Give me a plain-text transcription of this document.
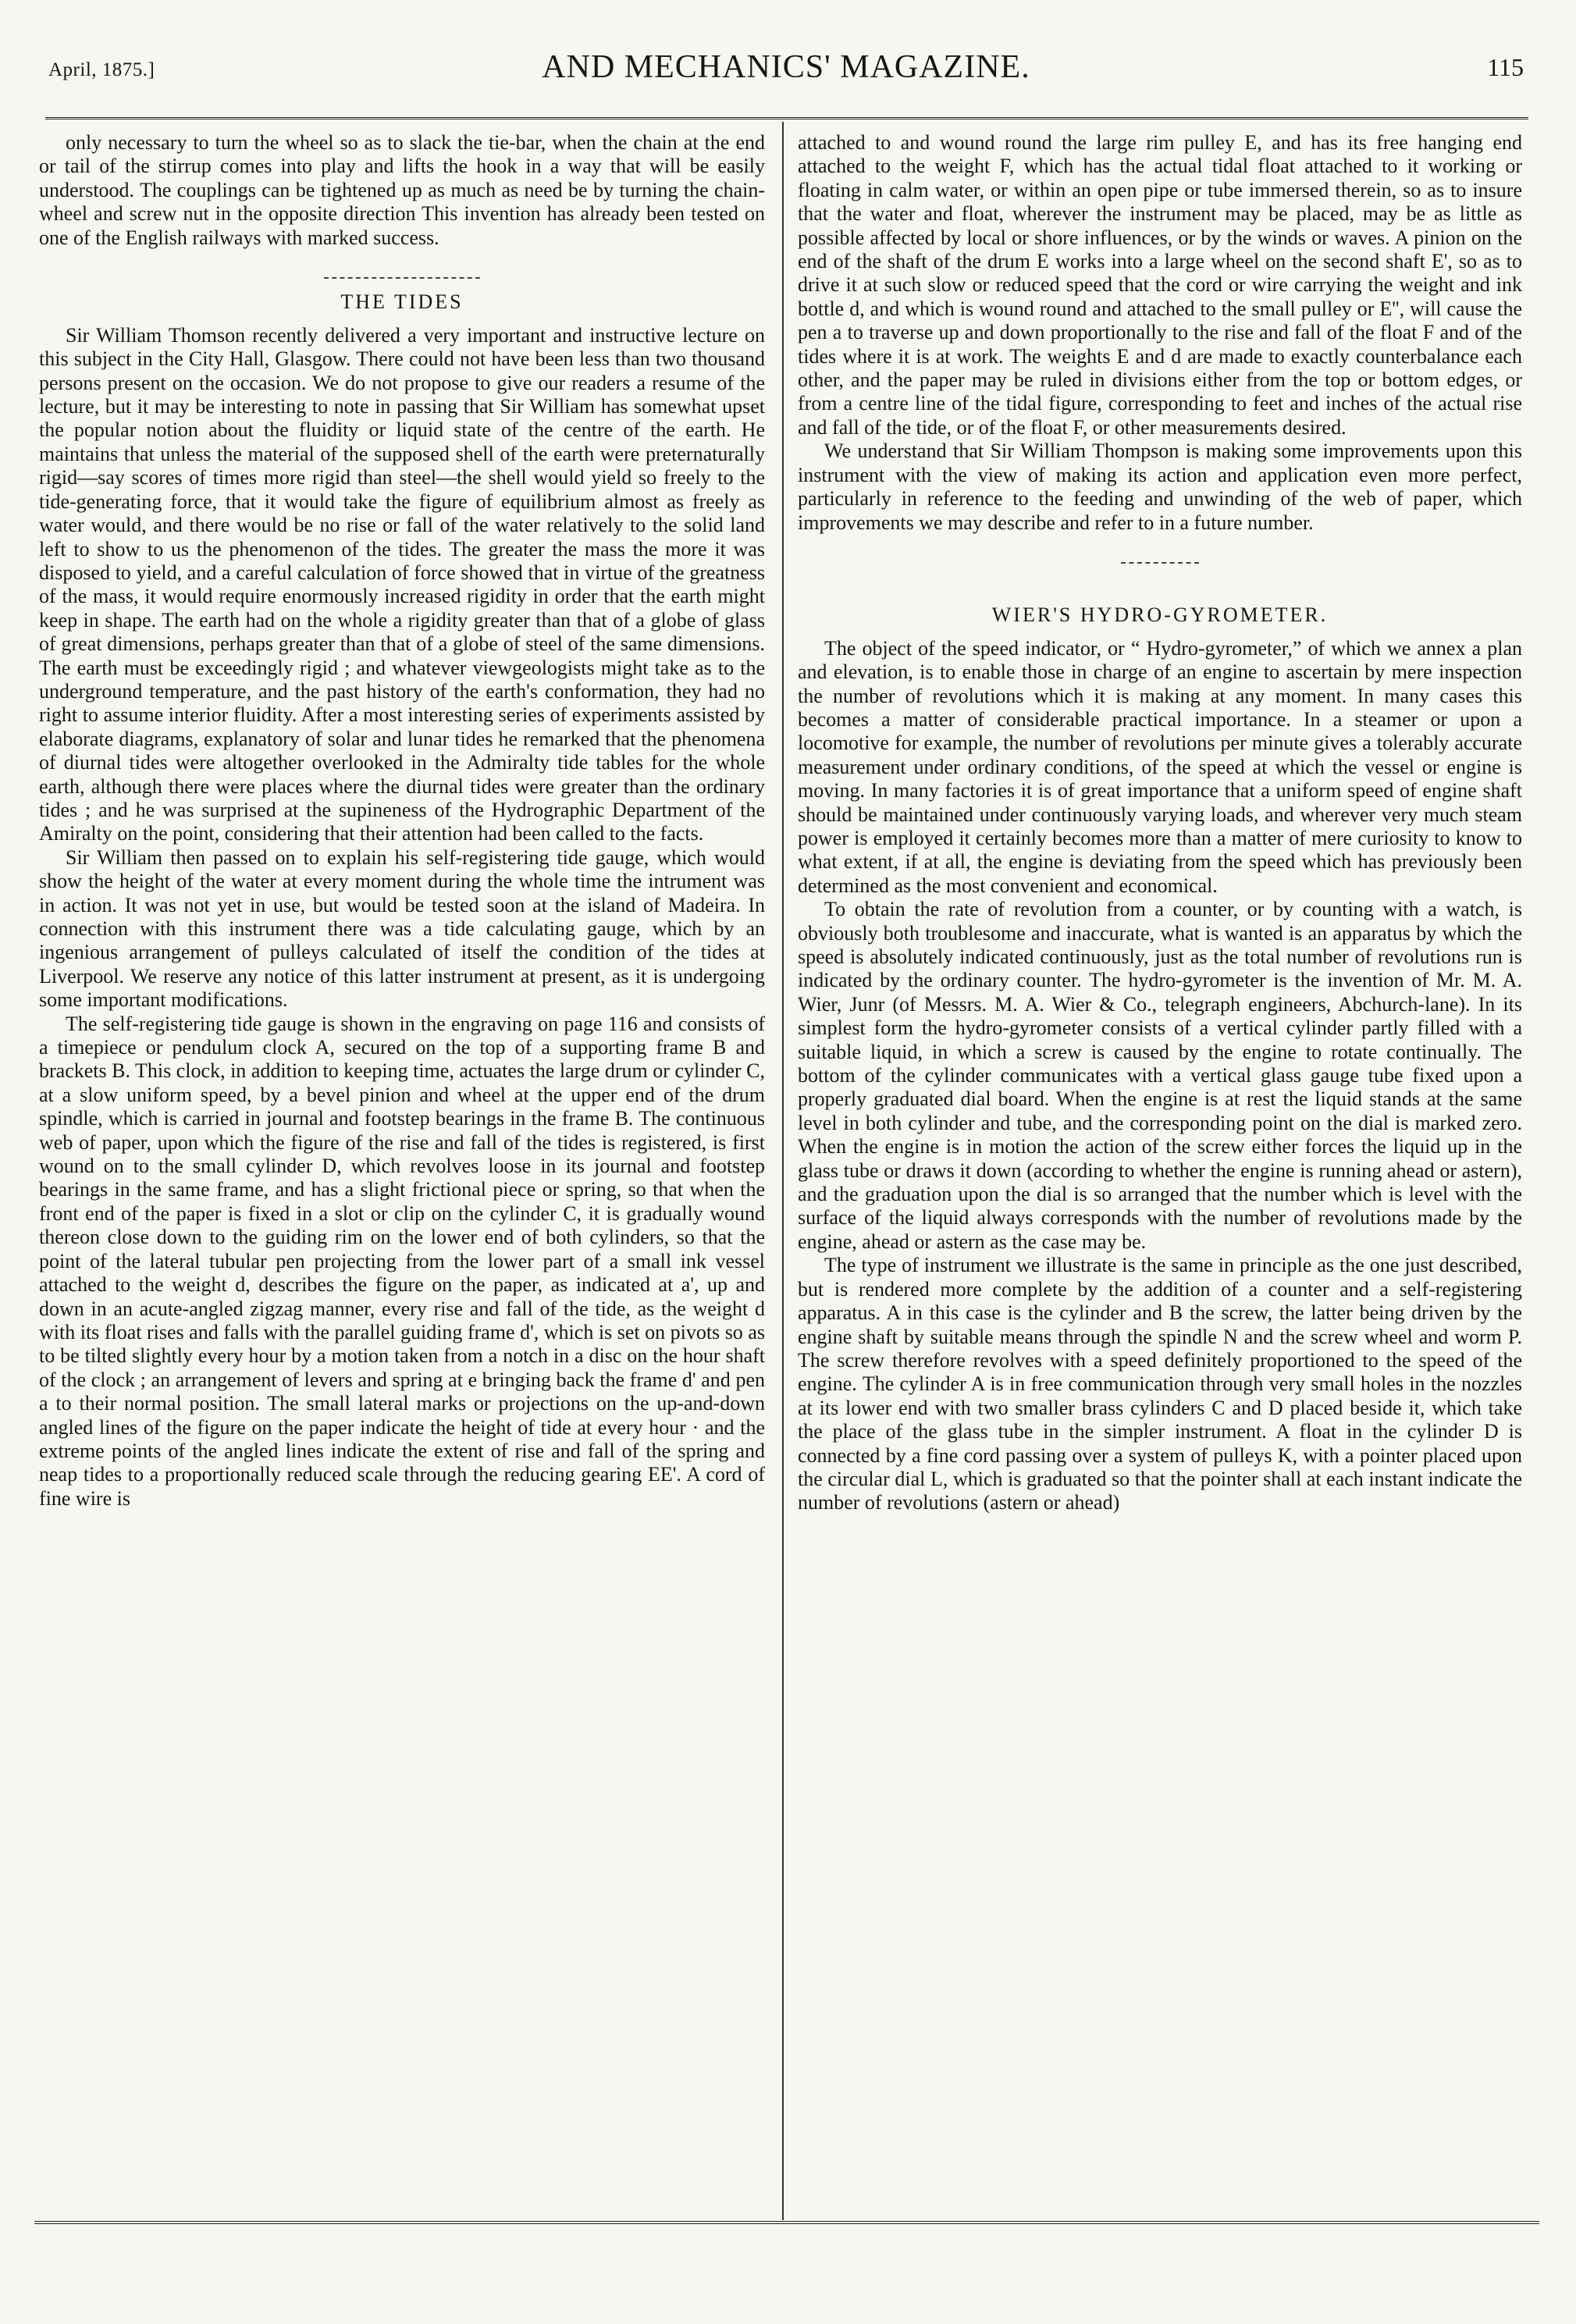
April, 1875.]	AND MECHANICS' MAGAZINE.	115

only necessary to turn the wheel so as to slack the tie-bar, when the chain at the end or tail of the stirrup comes into play and lifts the hook in a way that will be easily understood. The couplings can be tightened up as much as need be by turning the chain-wheel and screw nut in the opposite direction This invention has already been tested on one of the English railways with marked success.

THE TIDES

Sir William Thomson recently delivered a very important and instructive lecture on this subject in the City Hall, Glasgow. There could not have been less than two thousand persons present on the occasion. We do not propose to give our readers a resume of the lecture, but it may be interesting to note in passing that Sir William has somewhat upset the popular notion about the fluidity or liquid state of the centre of the earth. He maintains that unless the material of the supposed shell of the earth were preternaturally rigid—say scores of times more rigid than steel—the shell would yield so freely to the tide-generating force, that it would take the figure of equilibrium almost as freely as water would, and there would be no rise or fall of the water relatively to the solid land left to show to us the phenomenon of the tides. The greater the mass the more it was disposed to yield, and a careful calculation of force showed that in virtue of the greatness of the mass, it would require enormously increased rigidity in order that the earth might keep in shape. The earth had on the whole a rigidity greater than that of a globe of glass of great dimensions, perhaps greater than that of a globe of steel of the same dimensions. The earth must be exceedingly rigid ; and whatever viewgeologists might take as to the underground temperature, and the past history of the earth's conformation, they had no right to assume interior fluidity. After a most interesting series of experiments assisted by elaborate diagrams, explanatory of solar and lunar tides he remarked that the phenomena of diurnal tides were altogether overlooked in the Admiralty tide tables for the whole earth, although there were places where the diurnal tides were greater than the ordinary tides ; and he was surprised at the supineness of the Hydrographic Department of the Amiralty on the point, considering that their attention had been called to the facts.

Sir William then passed on to explain his self-registering tide gauge, which would show the height of the water at every moment during the whole time the intrument was in action. It was not yet in use, but would be tested soon at the island of Madeira. In connection with this instrument there was a tide calculating gauge, which by an ingenious arrangement of pulleys calculated of itself the condition of the tides at Liverpool. We reserve any notice of this latter instrument at present, as it is undergoing some important modifications.

The self-registering tide gauge is shown in the engraving on page 116 and consists of a timepiece or pendulum clock A, secured on the top of a supporting frame B and brackets B. This clock, in addition to keeping time, actuates the large drum or cylinder C, at a slow uniform speed, by a bevel pinion and wheel at the upper end of the drum spindle, which is carried in journal and footstep bearings in the frame B. The continuous web of paper, upon which the figure of the rise and fall of the tides is registered, is first wound on to the small cylinder D, which revolves loose in its journal and footstep bearings in the same frame, and has a slight frictional piece or spring, so that when the front end of the paper is fixed in a slot or clip on the cylinder C, it is gradually wound thereon close down to the guiding rim on the lower end of both cylinders, so that the point of the lateral tubular pen projecting from the lower part of a small ink vessel attached to the weight d, describes the figure on the paper, as indicated at a', up and down in an acute-angled zigzag manner, every rise and fall of the tide, as the weight d with its float rises and falls with the parallel guiding frame d', which is set on pivots so as to be tilted slightly every hour by a motion taken from a notch in a disc on the hour shaft of the clock ; an arrangement of levers and spring at e bringing back the frame d' and pen a to their normal position. The small lateral marks or projections on the up-and-down angled lines of the figure on the paper indicate the height of tide at every hour · and the extreme points of the angled lines indicate the extent of rise and fall of the spring and neap tides to a proportionally reduced scale through the reducing gearing EE'. A cord of fine wire is

attached to and wound round the large rim pulley E, and has its free hanging end attached to the weight F, which has the actual tidal float attached to it working or floating in calm water, or within an open pipe or tube immersed therein, so as to insure that the water and float, wherever the instrument may be placed, may be as little as possible affected by local or shore influences, or by the winds or waves. A pinion on the end of the shaft of the drum E works into a large wheel on the second shaft E', so as to drive it at such slow or reduced speed that the cord or wire carrying the weight and ink bottle d, and which is wound round and attached to the small pulley or E'', will cause the pen a to traverse up and down proportionally to the rise and fall of the float F and of the tides where it is at work. The weights E and d are made to exactly counterbalance each other, and the paper may be ruled in divisions either from the top or bottom edges, or from a centre line of the tidal figure, corresponding to feet and inches of the actual rise and fall of the tide, or of the float F, or other measurements desired.

We understand that Sir William Thompson is making some improvements upon this instrument with the view of making its action and application even more perfect, particularly in reference to the feeding and unwinding of the web of paper, which improvements we may describe and refer to in a future number.

WIER'S HYDRO-GYROMETER.

The object of the speed indicator, or “ Hydro-gyrometer,” of which we annex a plan and elevation, is to enable those in charge of an engine to ascertain by mere inspection the number of revolutions which it is making at any moment. In many cases this becomes a matter of considerable practical importance. In a steamer or upon a locomotive for example, the number of revolutions per minute gives a tolerably accurate measurement under ordinary conditions, of the speed at which the vessel or engine is moving. In many factories it is of great importance that a uniform speed of engine shaft should be maintained under continuously varying loads, and wherever very much steam power is employed it certainly becomes more than a matter of mere curiosity to know to what extent, if at all, the engine is deviating from the speed which has previously been determined as the most convenient and economical.

To obtain the rate of revolution from a counter, or by counting with a watch, is obviously both troublesome and inaccurate, what is wanted is an apparatus by which the speed is absolutely indicated continuously, just as the total number of revolutions run is indicated by the ordinary counter. The hydro-gyrometer is the invention of Mr. M. A. Wier, Junr (of Messrs. M. A. Wier & Co., telegraph engineers, Abchurch-lane). In its simplest form the hydro-gyrometer consists of a vertical cylinder partly filled with a suitable liquid, in which a screw is caused by the engine to rotate continually. The bottom of the cylinder communicates with a vertical glass gauge tube fixed upon a properly graduated dial board. When the engine is at rest the liquid stands at the same level in both cylinder and tube, and the corresponding point on the dial is marked zero. When the engine is in motion the action of the screw either forces the liquid up in the glass tube or draws it down (according to whether the engine is running ahead or astern), and the graduation upon the dial is so arranged that the number which is level with the surface of the liquid always corresponds with the number of revolutions made by the engine, ahead or astern as the case may be.

The type of instrument we illustrate is the same in principle as the one just described, but is rendered more complete by the addition of a counter and a self-registering apparatus. A in this case is the cylinder and B the screw, the latter being driven by the engine shaft by suitable means through the spindle N and the screw wheel and worm P. The screw therefore revolves with a speed definitely proportioned to the speed of the engine. The cylinder A is in free communication through very small holes in the nozzles at its lower end with two smaller brass cylinders C and D placed beside it, which take the place of the glass tube in the simpler instrument. A float in the cylinder D is connected by a fine cord passing over a system of pulleys K, with a pointer placed upon the circular dial L, which is graduated so that the pointer shall at each instant indicate the number of revolutions (astern or ahead)
